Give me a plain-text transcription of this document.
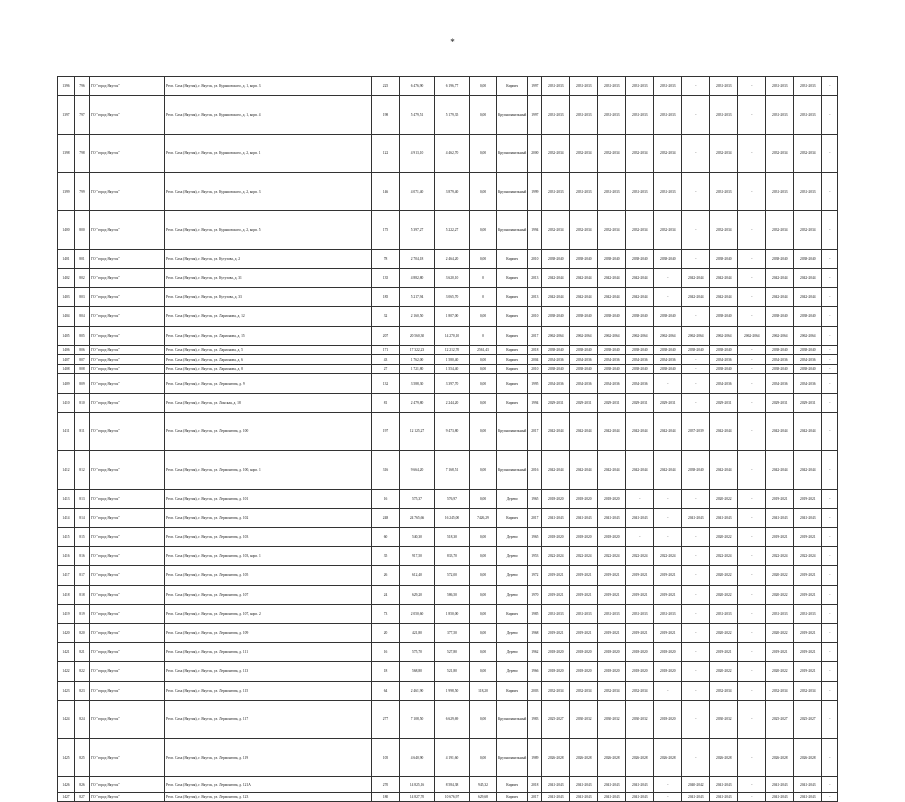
*
1396	796	ГО "город Якутск"	Респ. Саха (Якутия), г. Якутск, ул. Курашовского, д. 1, корп. 3	225	6 476,90	6 196,77	0,00	Кирпич	1997	2031-2033	2031-2033	2031-2033	2031-2033	2031-2033	-	2031-2033	-	2031-2033	2031-2033	-
1397	797	ГО "город Якутск"	Респ. Саха (Якутия), г. Якутск, ул. Курашовского, д. 1, корп. 4	198	5 479,51	5 179,35	0,00	Крупнопанельный	1997	2031-2033	2031-2033	2031-2033	2031-2033	2031-2033	-	2031-2033	-	2031-2033	2031-2033	-
1398	798	ГО "город Якутск"	Респ. Саха (Якутия), г. Якутск, ул. Курашовского, д. 2, корп. 1	122	4 913,10	4 462,70	0,00	Крупнопанельный	2000	2032-2034	2032-2034	2032-2034	2032-2034	2032-2034	-	2032-2034	-	2032-2034	2032-2034	-
1399	799	ГО "город Якутск"	Респ. Саха (Якутия), г. Якутск, ул. Курашовского, д. 2, корп. 3	146	4 071,40	3 879,40	0,00	Крупнопанельный	1999	2031-2033	2031-2033	2031-2033	2031-2033	2031-2033	-	2031-2033	-	2031-2033	2031-2033	-
1400	800	ГО "город Якутск"	Респ. Саха (Якутия), г. Якутск, ул. Курашовского, д. 2, корп. 5	175	5 397,27	5 222,27	0,00	Крупнопанельный	1994	2032-2034	2032-2034	2032-2034	2032-2034	2032-2034	-	2032-2034	-	2032-2034	2032-2034	-
1401	801	ГО "город Якутск"	Респ. Саха (Якутия), г. Якутск, ул. Кутузова, д. 2	78	2 704,18	2 464,20	0,00	Кирпич	2010	2038-2040	2038-2040	2038-2040	2038-2040	2038-2040	-	2038-2040	-	2038-2040	2038-2040	-
1402	802	ГО "город Якутск"	Респ. Саха (Якутия), г. Якутск, ул. Кутузова, д. 31	135	4 882,80	3 620,10	0	Кирпич	2013	2042-2044	2042-2044	2042-2044	2042-2044	-	2042-2044	2042-2044	-	2042-2044	2042-2044	-
1403	803	ГО "город Якутск"	Респ. Саха (Якутия), г. Якутск, ул. Кутузова, д. 33	185	5 217,94	3 065,70	0	Кирпич	2013	2042-2044	2042-2044	2042-2044	2042-2044	-	2042-2044	2042-2044	-	2042-2044	2042-2044	-
1404	804	ГО "город Якутск"	Респ. Саха (Якутия), г. Якутск, ул. Ларионова, д. 12	32	2 160,50	1 807,00	0,00	Кирпич	2010	2038-2040	2038-2040	2038-2040	2038-2040	2038-2040	-	2038-2040	-	2038-2040	2038-2040	-
1405	805	ГО "город Якутск"	Респ. Саха (Якутия), г. Якутск, ул. Ларионова, д. 15	207	20 560,30	14 270,10	0	Кирпич	2017	2062-2064	2062-2064	2062-2064	2062-2064	2062-2064	2062-2064	2062-2064	2062-2064	2062-2064	2062-2064	-
1406	806	ГО "город Якутск"	Респ. Саха (Якутия), г. Якутск, ул. Ларионова, д. 5	171	17 322,23	12 212,70	2561,43	Кирпич	2018	2038-2040	2038-2040	2038-2040	2038-2040	2038-2040	2038-2040	2038-2040	-	2038-2040	2038-2040	-
1407	807	ГО "город Якутск"	Респ. Саха (Якутия), г. Якутск, ул. Ларионова, д. 6	43	1 762,00	1 580,40	0,00	Кирпич	2004	2034-2036	2034-2036	2034-2036	2034-2036	2034-2036	-	2034-2036	-	2034-2036	2034-2036	-
1408	808	ГО "город Якутск"	Респ. Саха (Якутия), г. Якутск, ул. Ларионова, д. 8	27	1 721,80	1 554,40	0,00	Кирпич	2010	2038-2040	2038-2040	2038-2040	2038-2040	2038-2040	-	2038-2040	-	2038-2040	2038-2040	-
1409	809	ГО "город Якутск"	Респ. Саха (Якутия), г. Якутск, ул. Лермонтова, д. 9	132	3 588,30	3 397,70	0,00	Кирпич	1995	2034-2036	2034-2036	2034-2036	2034-2036	-	-	2034-2036	-	2034-2036	2034-2036	-
1410	810	ГО "город Якутск"	Респ. Саха (Якутия), г. Якутск, ул. Лонская, д. 18	81	2 479,80	2 244,20	0,00	Кирпич	1994	2029-2031	2029-2031	2029-2031	2029-2031	2029-2031	-	2029-2031	-	2029-2031	2029-2031	-
1411	811	ГО "город Якутск"	Респ. Саха (Якутия), г. Якутск, ул. Лермонтова, д. 100	197	12 125,27	9 473,80	0,00	Крупнопанельный	2017	2042-2044	2042-2044	2042-2044	2042-2044	2042-2044	2037-2039	2042-2044	-	2042-2044	2042-2044	-
1412	812	ГО "город Якутск"	Респ. Саха (Якутия), г. Якутск, ул. Лермонтова, д. 100, корп. 1	316	9 664,20	7 168,51	0,00	Крупнопанельный	2016	2042-2044	2042-2044	2042-2044	2042-2044	2042-2044	2038-2040	2042-2044	-	2042-2044	2042-2044	-
1413	813	ГО "город Якутск"	Респ. Саха (Якутия), г. Якутск, ул. Лермонтова, д. 101	16	575,37	576,97	0,00	Дерево	1965	2018-2020	2018-2020	2018-2020	-	-	-	2020-2022	-	2019-2021	2019-2021	-
1414	814	ГО "город Якутск"	Респ. Саха (Якутия), г. Якутск, ул. Лермонтова, д. 102	248	24 765,66	16 245,00	7426,29	Кирпич	2017	2041-2043	2041-2043	2041-2043	2041-2043	-	2041-2043	2041-2043	-	2041-2043	2041-2043	-
1415	815	ГО "город Якутск"	Респ. Саха (Якутия), г. Якутск, ул. Лермонтова, д. 103	60	540,30	518,30	0,00	Дерево	1965	2018-2020	2018-2020	2018-2020	-	-	-	2020-2022	-	2019-2021	2019-2021	-
1416	816	ГО "город Якутск"	Респ. Саха (Якутия), г. Якутск, ул. Лермонтова, д. 103, корп. 1	35	917,50	833,70	0,00	Дерево	1953	2022-2024	2022-2024	2022-2024	2022-2024	2022-2024	-	2022-2024	-	2022-2024	2022-2024	-
1417	817	ГО "город Якутск"	Респ. Саха (Якутия), г. Якутск, ул. Лермонтова, д. 105	26	612,40	572,00	0,00	Дерево	1972	2019-2021	2019-2021	2019-2021	2019-2021	2019-2021	-	2020-2022	-	2020-2022	2019-2021	-
1418	818	ГО "город Якутск"	Респ. Саха (Якутия), г. Якутск, ул. Лермонтова, д. 107	24	629,20	586,50	0,00	Дерево	1970	2019-2021	2019-2021	2019-2021	2019-2021	2019-2021	-	2020-2022	-	2020-2022	2019-2021	-
1419	819	ГО "город Якутск"	Респ. Саха (Якутия), г. Якутск, ул. Лермонтова, д. 107, корп. 2	73	2 050,60	1 850,00	0,00	Кирпич	1985	2031-2033	2031-2033	2031-2033	2031-2033	2031-2033	-	2031-2033	-	2031-2033	2031-2033	-
1420	820	ГО "город Якутск"	Респ. Саха (Якутия), г. Якутск, ул. Лермонтова, д. 109	20	421,80	377,50	0,00	Дерево	1968	2019-2021	2019-2021	2019-2021	2019-2021	2019-2021	-	2020-2022	-	2020-2022	2019-2021	-
1421	821	ГО "город Якутск"	Респ. Саха (Якутия), г. Якутск, ул. Лермонтова, д. 111	16	575,70	527,80	0,00	Дерево	1962	2018-2020	2018-2020	2018-2020	2018-2020	2018-2020	-	2019-2021	-	2019-2021	2019-2021	-
1422	822	ГО "город Якутск"	Респ. Саха (Якутия), г. Якутск, ул. Лермонтова, д. 113	18	568,80	521,80	0,00	Дерево	1966	2018-2020	2018-2020	2018-2020	2018-2020	2018-2020	-	2020-2022	-	2020-2022	2019-2021	-
1423	823	ГО "город Якутск"	Респ. Саха (Якутия), г. Якутск, ул. Лермонтова, д. 115	64	2 461,90	1 998,50	118,20	Кирпич	2003	2032-2034	2032-2034	2032-2034	2032-2034	-	-	2032-2034	-	2032-2034	2032-2034	-
1424	824	ГО "город Якутск"	Респ. Саха (Якутия), г. Якутск, ул. Лермонтова, д. 117	277	7 108,50	6 629,69	0,00	Крупнопанельный	1983	2025-2027	2030-2032	2030-2032	2030-2032	2018-2020	-	2030-2032	-	2025-2027	2025-2027	-
1425	825	ГО "город Якутск"	Респ. Саха (Якутия), г. Якутск, ул. Лермонтова, д. 119	105	4 640,90	4 191,60	0,00	Крупнопанельный	1989	2026-2028	2026-2028	2026-2028	2026-2028	2026-2028	-	2026-2028	-	2026-2028	2026-2028	-
1426	826	ГО "город Якутск"	Респ. Саха (Якутия), г. Якутск, ул. Лермонтова, д. 121А	270	14 825,16	8 584,38	945,32	Кирпич	2018	2041-2043	2041-2043	2041-2043	2041-2043	-	2040-2042	2041-2043	-	2041-2043	2041-2043	-
1427	827	ГО "город Якутск"	Респ. Саха (Якутия), г. Якутск, ул. Лермонтова, д. 123	180	14 827,70	10 676,97	629,68	Кирпич	2017	2041-2043	2041-2043	2041-2043	2041-2043	-	2041-2043	2041-2043	-	2041-2043	2041-2043	-
